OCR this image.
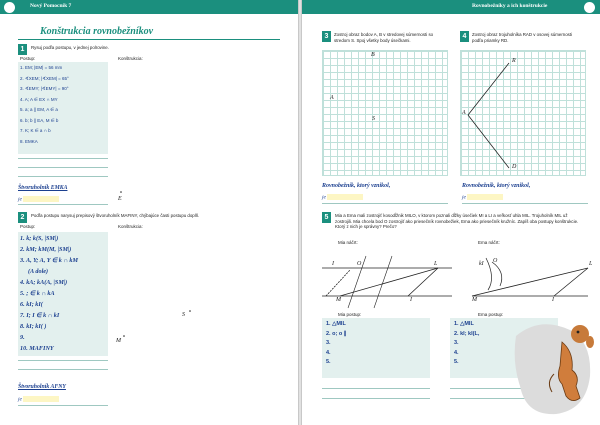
40	Nový Pomocník 7
Konštrukcia rovnobežníkov
1	Rysuj podľa postupu, v jednej polrovine.
Postup:	Konštrukcia:
1. EM; |EM| = 56 mm
2. ∢XEM; |∢XEM| = 65°
3. ∢EMY; |∢EMY| = 90°
4. A; A ∈ EX ∩ MY
5. a; a ∥ EM, A ∈ a
6. b; b ∥ EA, M ∈ b
7. K; K ∈ a ∩ b
8. EMKA
Štvoruholník EMKA
je	E
2	Podľa postupu narysuj prepisový štvoruholník MAFINY, chýbajúce časti postupu doplň.
Postup:	Konštrukcia:
1. k; k(S, |SM|)
2. kM; kM(M, |SM|)
3. A, Y; A, Y ∈ k ∩ kM
(A dole)
4. kA; kA(A, |SM|)
5. ; ∈ k ∩ kA
6. kI; kI(
7. I; I ∈ k ∩ kI
8. kI; kI( )
9.
10. MAFINY
Štvoruholník AFNY
je
S
M
Rovnobežníky a ich konštrukcie	41
3	Zostroj obraz bodov A, B v stredovej súmernosti so stredom S. Spoj všetky body úsečkami.
B
A
S
Rovnobežník, ktorý vznikol,
je
4	Zostroj obraz trojuholníka RAD v osovej súmernosti podľa priamky RD.
R
A
D
Rovnobežník, ktorý vznikol,
je
5	Mia a Ema mali zostrojiť kosodĺžnik MILO, v ktorom poznali dĺžky úsečiek MI a LI a veľkosť uhla MIL. Trojuholník MIL už zostrojili. Mia chcela bod O zostrojiť ako priesečník rovnobežiek, Ema ako priesečník kružníc. Zapíš oba postupy konštrukcie. Ktorý z nich je správny? Prečo?
Mia náčrt:	Ema náčrt:
I	O	L
M	I
kI O	L
M	I
Mia postup:	Ema postup:
1. △MIL
2. o; o ∥
3.
4.
5.
1. △MIL
2. kI; kI(L,
3.
4.
5.
